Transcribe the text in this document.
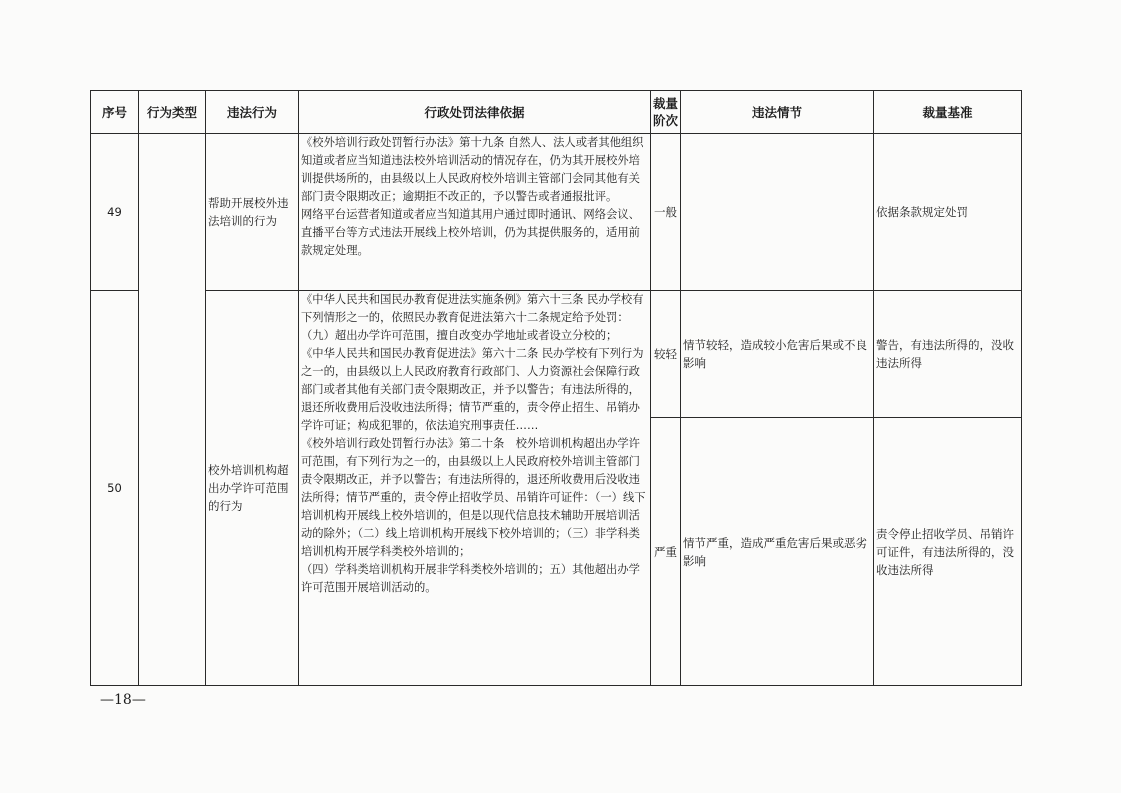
序号	行为类型	违法行为	行政处罚法律依据	裁量阶次	违法情节	裁量基准
49		帮助开展校外违法培训的行为	《校外培训行政处罚暂行办法》第十九条 自然人、法人或者其他组织知道或者应当知道违法校外培训活动的情况存在，仍为其开展校外培训提供场所的，由县级以上人民政府校外培训主管部门会同其他有关部门责令限期改正；逾期拒不改正的，予以警告或者通报批评。

网络平台运营者知道或者应当知道其用户通过即时通讯、网络会议、直播平台等方式违法开展线上校外培训，仍为其提供服务的，适用前款规定处理。	一般		依据条款规定处罚
50		校外培训机构超出办学许可范围的行为	《中华人民共和国民办教育促进法实施条例》第六十三条 民办学校有下列情形之一的，依照民办教育促进法第六十二条规定给予处罚：（九）超出办学许可范围，擅自改变办学地址或者设立分校的；

《中华人民共和国民办教育促进法》第六十二条 民办学校有下列行为之一的，由县级以上人民政府教育行政部门、人力资源社会保障行政部门或者其他有关部门责令限期改正，并予以警告；有违法所得的，退还所收费用后没收违法所得；情节严重的，责令停止招生、吊销办学许可证；构成犯罪的，依法追究刑事责任……

《校外培训行政处罚暂行办法》第二十条　校外培训机构超出办学许可范围，有下列行为之一的，由县级以上人民政府校外培训主管部门责令限期改正，并予以警告；有违法所得的，退还所收费用后没收违法所得；情节严重的，责令停止招收学员、吊销许可证件：（一）线下培训机构开展线上校外培训的，但是以现代信息技术辅助开展培训活动的除外；（二）线上培训机构开展线下校外培训的；（三）非学科类培训机构开展学科类校外培训的；

（四）学科类培训机构开展非学科类校外培训的；五）其他超出办学许可范围开展培训活动的。	较轻	情节较轻，造成较小危害后果或不良影响	警告，有违法所得的，没收违法所得
				严重	情节严重，造成严重危害后果或恶劣影响	责令停止招收学员、吊销许可证件，有违法所得的，没收违法所得
—18—
